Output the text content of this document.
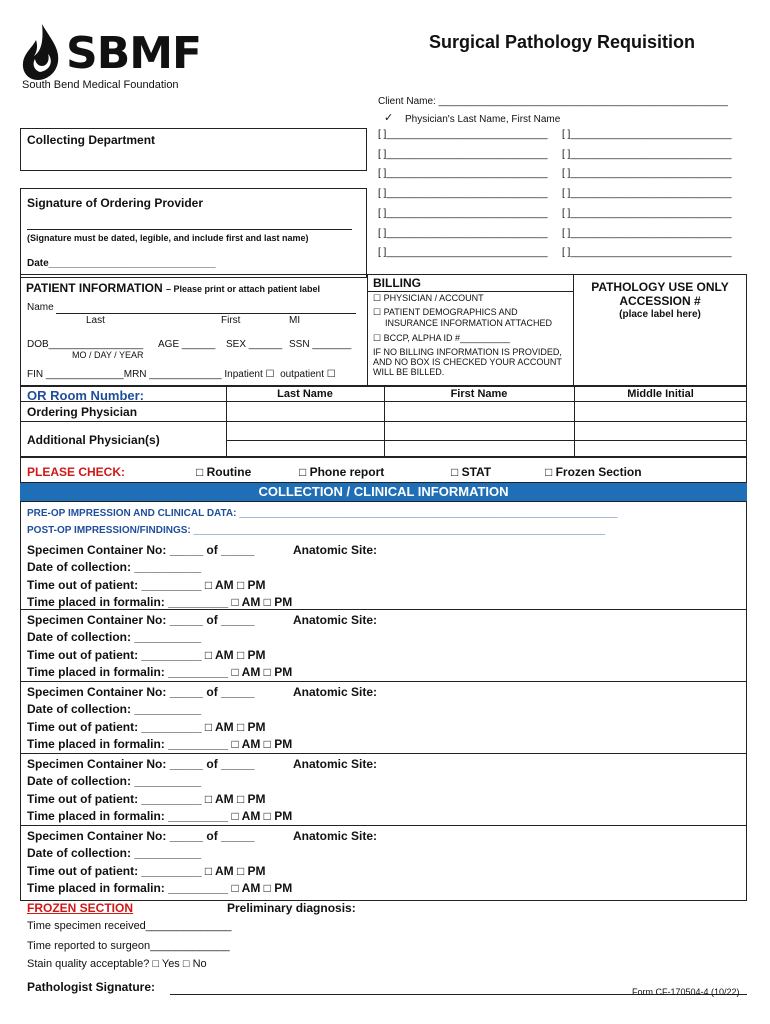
SBMF
South Bend Medical Foundation
Surgical Pathology Requisition
Client Name: ____________________________________________________
✓ Physician's Last Name, First Name
[ ]_____________________________ [ ]_____________________________
[ ]_____________________________ [ ]_____________________________
[ ]_____________________________ [ ]_____________________________
[ ]_____________________________ [ ]_____________________________
[ ]_____________________________ [ ]_____________________________
[ ]_____________________________ [ ]_____________________________
[ ]_____________________________ [ ]_____________________________
Collecting Department
Signature of Ordering Provider
(Signature must be dated, legible, and include first and last name)
Date______________________________
PATIENT INFORMATION – Please print or attach patient label
Name
Last	First	MI
DOB_________________ AGE ______ SEX ______ SSN _______
MO / DAY / YEAR
FIN ______________MRN _____________ Inpatient ☐ outpatient ☐
BILLING
☐ PHYSICIAN / ACCOUNT
☐ PATIENT DEMOGRAPHICS AND
INSURANCE INFORMATION ATTACHED
☐ BCCP, ALPHA ID #__________
IF NO BILLING INFORMATION IS PROVIDED,
AND NO BOX IS CHECKED YOUR ACCOUNT
WILL BE BILLED.
PATHOLOGY USE ONLY
ACCESSION #
(place label here)
OR Room Number:	Last Name	First Name	Middle Initial
Ordering Physician
Additional Physician(s)
PLEASE CHECK:	□ Routine	□ Phone report	□ STAT	□ Frozen Section
COLLECTION / CLINICAL INFORMATION
PRE-OP IMPRESSION AND CLINICAL DATA: ____________________________________________________________________
POST-OP IMPRESSION/FINDINGS: __________________________________________________________________________
Specimen Container No: _____ of _____
Date of collection: __________
Time out of patient: _________ □ AM □ PM
Time placed in formalin: _________ □ AM □ PM
Anatomic Site:
Specimen Container No: _____ of _____
Date of collection: __________
Time out of patient: _________ □ AM □ PM
Time placed in formalin: _________ □ AM □ PM
Anatomic Site:
Specimen Container No: _____ of _____
Date of collection: __________
Time out of patient: _________ □ AM □ PM
Time placed in formalin: _________ □ AM □ PM
Anatomic Site:
Specimen Container No: _____ of _____
Date of collection: __________
Time out of patient: _________ □ AM □ PM
Time placed in formalin: _________ □ AM □ PM
Anatomic Site:
Specimen Container No: _____ of _____
Date of collection: __________
Time out of patient: _________ □ AM □ PM
Time placed in formalin: _________ □ AM □ PM
Anatomic Site:
FROZEN SECTION	Preliminary diagnosis:
Time specimen received______________
Time reported to surgeon_____________
Stain quality acceptable? □ Yes □ No
Pathologist Signature:	Form CF-170504-4 (10/22)
